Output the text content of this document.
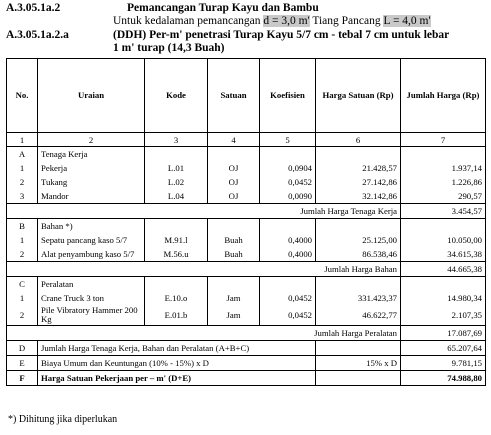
A.3.05.1a.2	Pemancangan Turap Kayu dan Bambu
Untuk kedalaman pemancangan d = 3,0 m' Tiang Pancang L = 4,0 m'
A.3.05.1a.2.a	(DDH) Per-m' penetrasi Turap Kayu 5/7 cm - tebal 7 cm untuk lebar
1 m' turap (14,3 Buah)
No.	Uraian	Kode	Satuan	Koefisien	Harga Satuan (Rp)	Jumlah Harga (Rp)
1	2	3	4	5	6	7
A	Tenaga Kerja					
1	Pekerja	L.01	OJ	0,0904	21.428,57	1.937,14
2	Tukang	L.02	OJ	0,0452	27.142,86	1.226,86
3	Mandor	L.04	OJ	0,0090	32.142,86	290,57
Jumlah Harga Tenaga Kerja						3.454,57
B	Bahan *)					
1	Sepatu pancang kaso 5/7	M.91.l	Buah	0,4000	25.125,00	10.050,00
2	Alat penyambung kaso 5/7	M.56.u	Buah	0,4000	86.538,46	34.615,38
Jumlah Harga Bahan						44.665,38
C	Peralatan					
1	Crane Truck 3 ton	E.10.o	Jam	0,0452	331.423,37	14.980,34
2	Pile Vibratory Hammer 200 Kg	E.01.b	Jam	0,0452	46.622,77	2.107,35
Jumlah Harga Peralatan						17.087,69
D	Jumlah Harga Tenaga Kerja, Bahan dan Peralatan (A+B+C)					65.207,64
E	Biaya Umum dan Keuntungan (10% - 15%) x D				15% x D	9.781,15
F	Harga Satuan Pekerjaan per – m' (D+E)					74.988,80
*) Dihitung jika diperlukan
